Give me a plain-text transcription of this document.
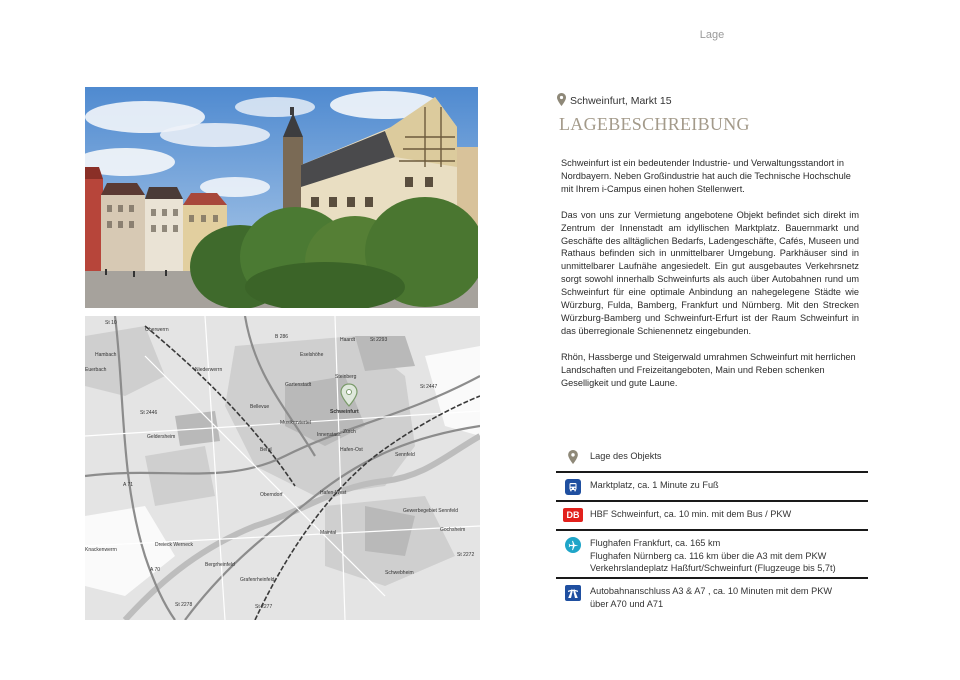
Lage
Oberwerrn
Hambach
Euerbach	Niederwerrn
Eselshöhe
Haardt
Gartenstadt
Steinberg
Bellevue
Schweinfurt
Musikerviertel
Innenstadt Zürch
Bergl
Sennfeld
Geldersheim
Hafen-Ost
Oberndorf	Hafen-West
Maintal
Grafenrheinfeld
Bergrheinfeld
Dreieck Werneck
Gochsheim
Schwebheim
St 2447
St 2278	St 2277
St 2272
A 70
A 71
B 286
St 2446
Knackenwerrn
St 10
St 2293
Gewerbegebiet Sennfeld
Schweinfurt, Markt 15
LAGEBESCHREIBUNG

Schweinfurt ist ein bedeutender Industrie- und Verwaltungsstandort in Nordbayern. Neben Großindustrie hat auch die Technische Hochschule mit Ihrem i-Campus einen hohen Stellenwert.

Das von uns zur Vermietung angebotene Objekt befindet sich direkt im Zentrum der Innenstadt am idyllischen Marktplatz. Bauernmarkt und Geschäfte des alltäglichen Bedarfs, Ladengeschäfte, Cafés, Museen und Rathaus befinden sich in unmittelbarer Umgebung. Parkhäuser sind in unmittelbarer Laufnähe angesiedelt. Ein gut ausgebautes Verkehrsnetz sorgt sowohl innerhalb Schweinfurts als auch über Autobahnen rund um Schweinfurt für eine optimale Anbindung an nahegelegene Städte wie Würzburg, Fulda, Bamberg, Frankfurt und Nürnberg. Mit den Strecken Würzburg-Bamberg und Schweinfurt-Erfurt ist der Raum Schweinfurt in das überregionale Schienennetz eingebunden.

Rhön, Hassberge und Steigerwald umrahmen Schweinfurt mit herrlichen Landschaften und Freizeitangeboten, Main und Reben schenken Geselligkeit und gute Laune.

Lage des Objekts
Marktplatz, ca. 1 Minute zu Fuß
DB HBF Schweinfurt, ca. 10 min. mit dem Bus / PKW
Flughafen Frankfurt, ca. 165 km
Flughafen Nürnberg ca. 116 km über die A3 mit dem PKW
Verkehrslandeplatz Haßfurt/Schweinfurt (Flugzeuge bis 5,7t)
Autobahnanschluss A3 & A7 , ca. 10 Minuten mit dem PKW
über A70 und A71
